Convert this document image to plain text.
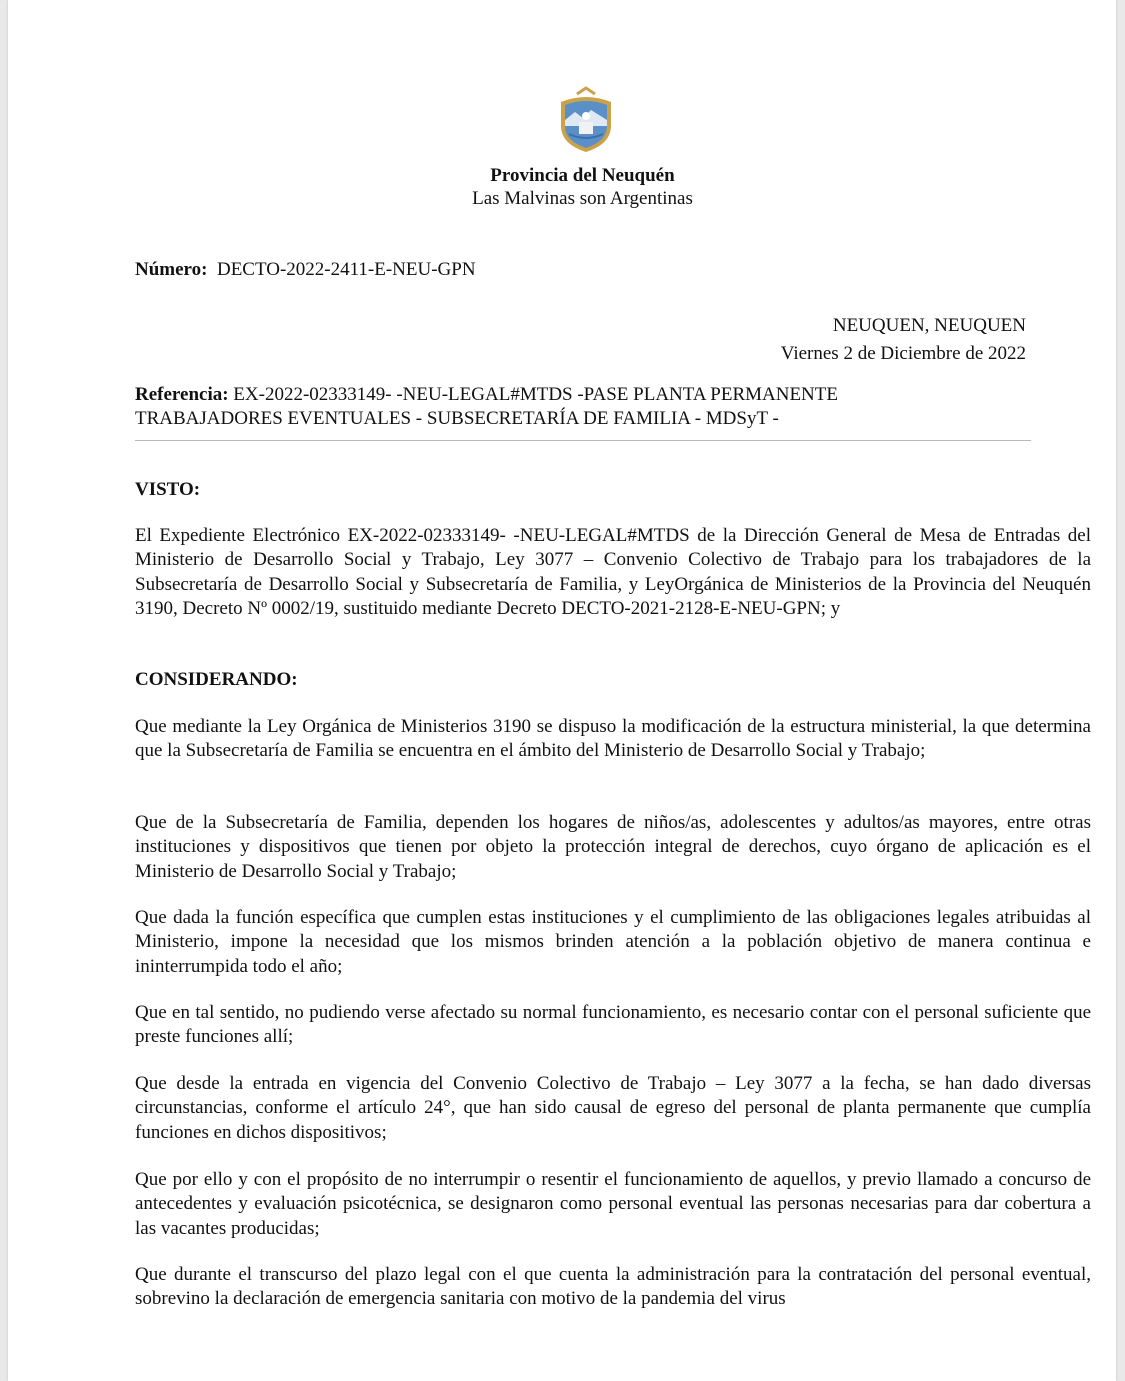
Provincia del Neuquén
Las Malvinas son Argentinas
Número: DECTO-2022-2411-E-NEU-GPN
NEUQUEN, NEUQUEN
Viernes 2 de Diciembre de 2022
Referencia: EX-2022-02333149- -NEU-LEGAL#MTDS -PASE PLANTA PERMANENTE TRABAJADORES EVENTUALES - SUBSECRETARÍA DE FAMILIA - MDSyT -
VISTO:
El Expediente Electrónico EX-2022-02333149- -NEU-LEGAL#MTDS de la Dirección General de Mesa de Entradas del Ministerio de Desarrollo Social y Trabajo, Ley 3077 – Convenio Colectivo de Trabajo para los trabajadores de la Subsecretaría de Desarrollo Social y Subsecretaría de Familia, y LeyOrgánica de Ministerios de la Provincia del Neuquén 3190, Decreto Nº 0002/19, sustituido mediante Decreto DECTO-2021-2128-E-NEU-GPN; y
CONSIDERANDO:
Que mediante la Ley Orgánica de Ministerios 3190 se dispuso la modificación de la estructura ministerial, la que determina que la Subsecretaría de Familia se encuentra en el ámbito del Ministerio de Desarrollo Social y Trabajo;
Que de la Subsecretaría de Familia, dependen los hogares de niños/as, adolescentes y adultos/as mayores, entre otras instituciones y dispositivos que tienen por objeto la protección integral de derechos, cuyo órgano de aplicación es el Ministerio de Desarrollo Social y Trabajo;
Que dada la función específica que cumplen estas instituciones y el cumplimiento de las obligaciones legales atribuidas al Ministerio, impone la necesidad que los mismos brinden atención a la población objetivo de manera continua e ininterrumpida todo el año;
Que en tal sentido, no pudiendo verse afectado su normal funcionamiento, es necesario contar con el personal suficiente que preste funciones allí;
Que desde la entrada en vigencia del Convenio Colectivo de Trabajo – Ley 3077 a la fecha, se han dado diversas circunstancias, conforme el artículo 24°, que han sido causal de egreso del personal de planta permanente que cumplía funciones en dichos dispositivos;
Que por ello y con el propósito de no interrumpir o resentir el funcionamiento de aquellos, y previo llamado a concurso de antecedentes y evaluación psicotécnica, se designaron como personal eventual las personas necesarias para dar cobertura a las vacantes producidas;
Que durante el transcurso del plazo legal con el que cuenta la administración para la contratación del personal eventual, sobrevino la declaración de emergencia sanitaria con motivo de la pandemia del virus
